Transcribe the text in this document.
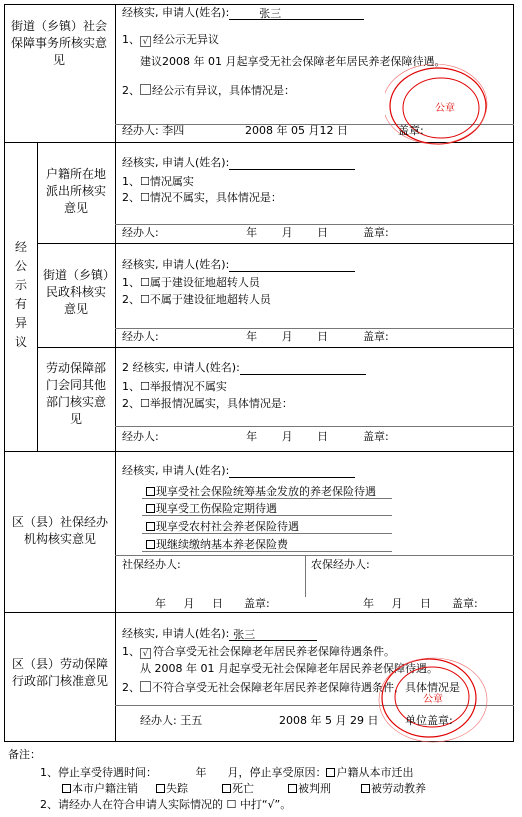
街道（乡镇）社会保障事务所核实意见
经核实, 申请人(姓名):	张三
1、 √ 经公示无异议
建议2008 年 01 月起享受无社会保障老年居民养老保障待遇。
2、 经公示有异议，具体情况是：
公章
经办人: 李四	2008 年 05 月12 日	盖章:
经
公
示
有
异
议
户籍所在地派出所核实意见
经核实, 申请人(姓名):
1、☐情况属实
2、☐情况不属实，具体情况是：
经办人:                         年       月       日          盖章:
街道（乡镇）民政科核实意见
经核实, 申请人(姓名):
1、☐属于建设征地超转人员
2、☐不属于建设征地超转人员
经办人:                         年       月       日          盖章:
劳动保障部门会同其他部门核实意见
2 经核实, 申请人(姓名):
1、☐举报情况不属实
2、☐举报情况属实，具体情况是：
经办人:                         年       月       日          盖章:
区（县）社保经办机构核实意见
经核实, 申请人(姓名):
现享受社会保险统筹基金发放的养老保险待遇
现享受工伤保险定期待遇
现享受农村社会养老保险待遇
现继续缴纳基本养老保险费
社保经办人:	农保经办人:
年     月     日      盖章:	年     月     日      盖章:
区（县）劳动保障行政部门核准意见
经核实, 申请人(姓名): 张三
1、 √ 符合享受无社会保障老年居民养老保障待遇条件。
从 2008 年 01 月起享受无社会保障老年居民养老保障待遇。
2、 不符合享受无社会保障老年居民养老保障待遇条件，具体情况是
公章
经办人: 王五	2008 年 5 月 29 日 单位盖章:
备注：
1、停止享受待遇时间：           年      月，停止享受原因： 户籍从本市迁出
本市户籍注销	失踪	死亡	被判刑	被劳动教养
2、请经办人在符合申请人实际情况的 ☐ 中打“√”。
